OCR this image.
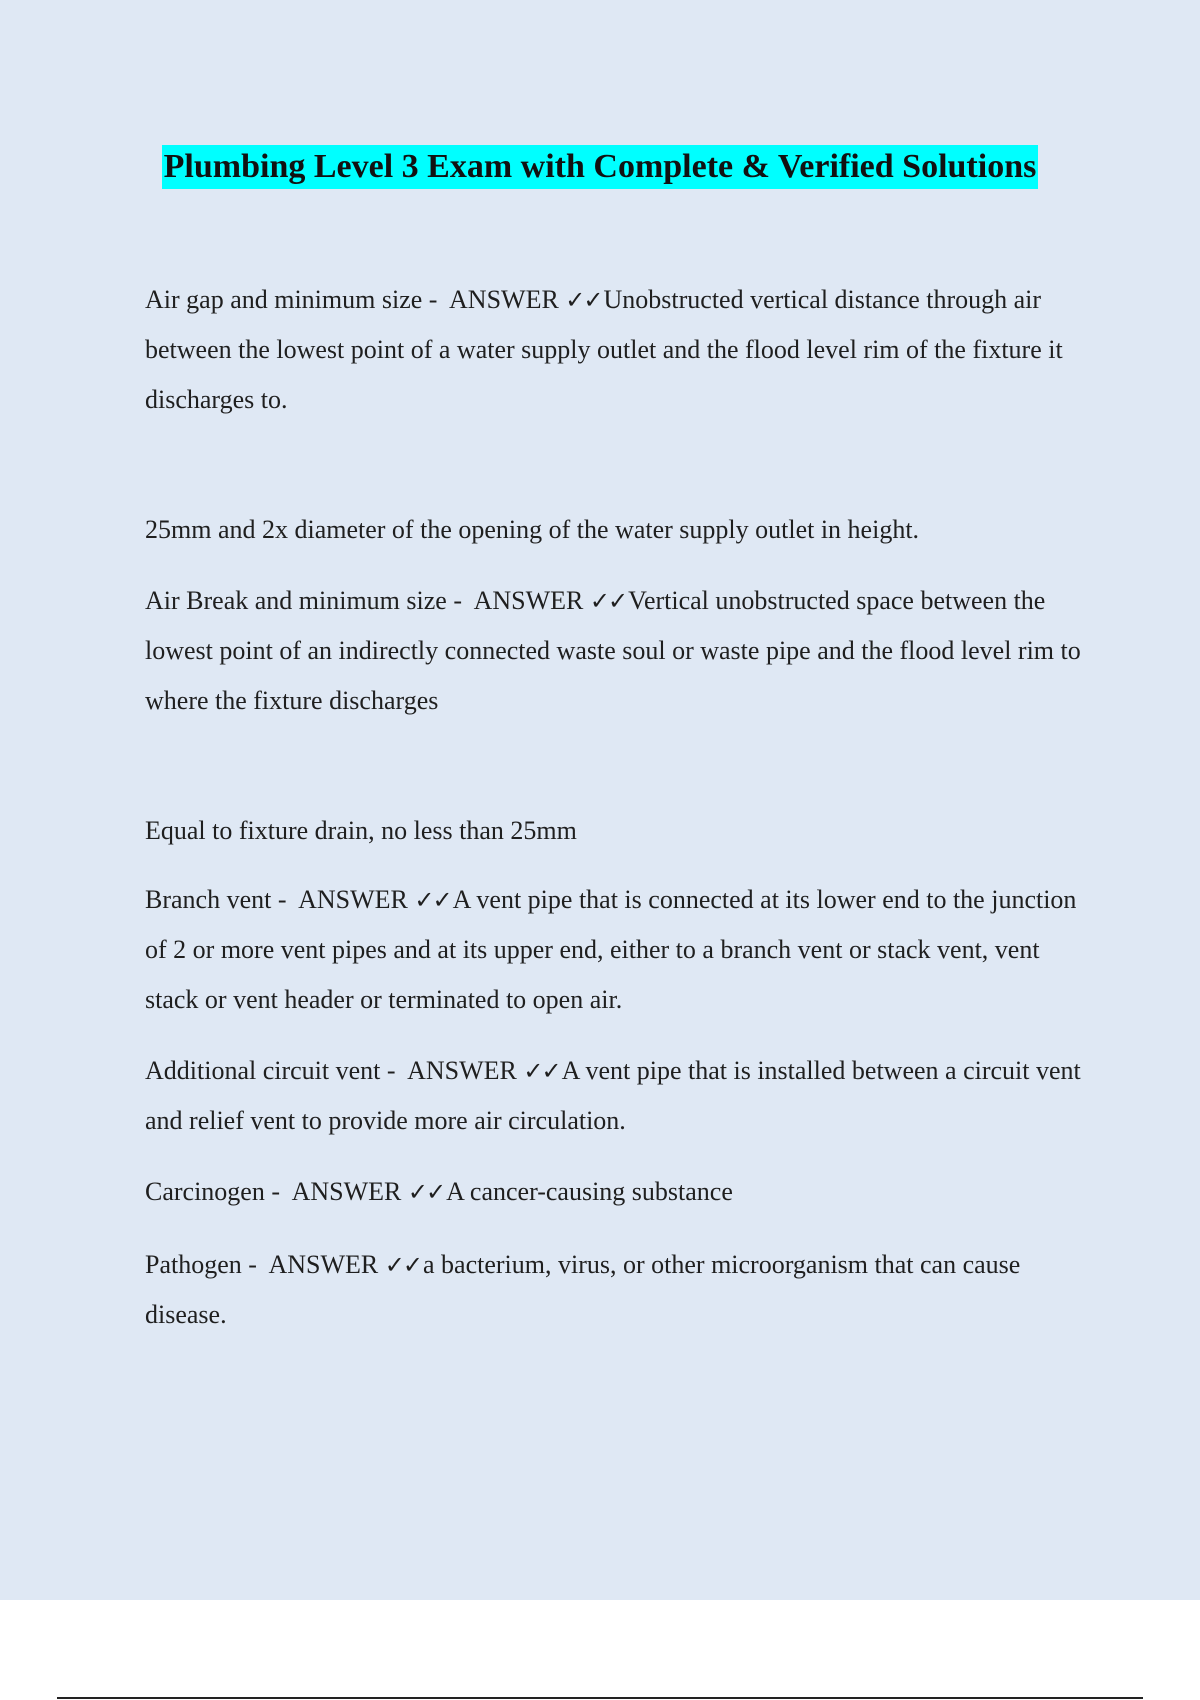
Plumbing Level 3 Exam with Complete & Verified Solutions
Air gap and minimum size - ANSWER ✓✓Unobstructed vertical distance through air between the lowest point of a water supply outlet and the flood level rim of the fixture it discharges to.
25mm and 2x diameter of the opening of the water supply outlet in height.
Air Break and minimum size - ANSWER ✓✓Vertical unobstructed space between the lowest point of an indirectly connected waste soul or waste pipe and the flood level rim to where the fixture discharges
Equal to fixture drain, no less than 25mm
Branch vent - ANSWER ✓✓A vent pipe that is connected at its lower end to the junction of 2 or more vent pipes and at its upper end, either to a branch vent or stack vent, vent stack or vent header or terminated to open air.
Additional circuit vent - ANSWER ✓✓A vent pipe that is installed between a circuit vent and relief vent to provide more air circulation.
Carcinogen - ANSWER ✓✓A cancer-causing substance
Pathogen - ANSWER ✓✓a bacterium, virus, or other microorganism that can cause disease.
